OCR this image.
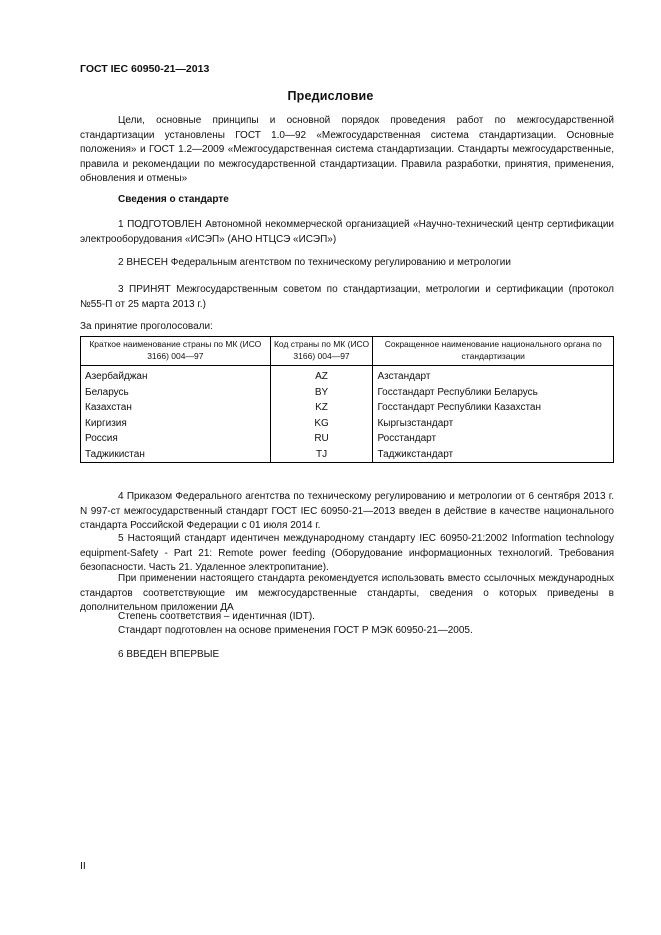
ГОСТ IEC 60950-21—2013
Предисловие

Цели, основные принципы и основной порядок проведения работ по межгосударственной стандартизации установлены ГОСТ 1.0—92 «Межгосударственная система стандартизации. Основные положения» и ГОСТ 1.2—2009 «Межгосударственная система стандартизации. Стандарты межгосударственные, правила и рекомендации по межгосударственной стандартизации. Правила разработки, принятия, применения, обновления и отмены»

Сведения о стандарте

1 ПОДГОТОВЛЕН Автономной некоммерческой организацией «Научно-технический центр сертификации электрооборудования «ИСЭП» (АНО НТЦСЭ «ИСЭП»)

2 ВНЕСЕН Федеральным агентством по техническому регулированию и метрологии

3 ПРИНЯТ Межгосударственным советом по стандартизации, метрологии и сертификации (протокол №55-П от 25 марта 2013 г.)

За принятие проголосовали:

Краткое наименование страны по МК (ИСО 3166) 004—97	Код страны по МК (ИСО 3166) 004—97	Сокращенное наименование национального органа по стандартизации
Азербайджан	AZ	Азстандарт
Беларусь	BY	Госстандарт Республики Беларусь
Казахстан	KZ	Госстандарт Республики Казахстан
Киргизия	KG	Кыргызстандарт
Россия	RU	Росстандарт
Таджикистан	TJ	Таджикстандарт

4 Приказом Федерального агентства по техническому регулированию и метрологии от 6 сентября 2013 г. N 997-ст межгосударственный стандарт ГОСТ IEC 60950-21—2013 введен в действие в качестве национального стандарта Российской Федерации с 01 июля 2014 г.

5 Настоящий стандарт идентичен международному стандарту IEC 60950-21:2002 Information technology equipment-Safety - Part 21: Remote power feeding (Оборудование информационных технологий. Требования безопасности. Часть 21. Удаленное электропитание).

При применении настоящего стандарта рекомендуется использовать вместо ссылочных международных стандартов соответствующие им межгосударственные стандарты, сведения о которых приведены в дополнительном приложении ДА

Степень соответствия – идентичная (IDT).

Стандарт подготовлен на основе применения ГОСТ Р МЭК 60950-21—2005.

6 ВВЕДЕН ВПЕРВЫЕ

II
